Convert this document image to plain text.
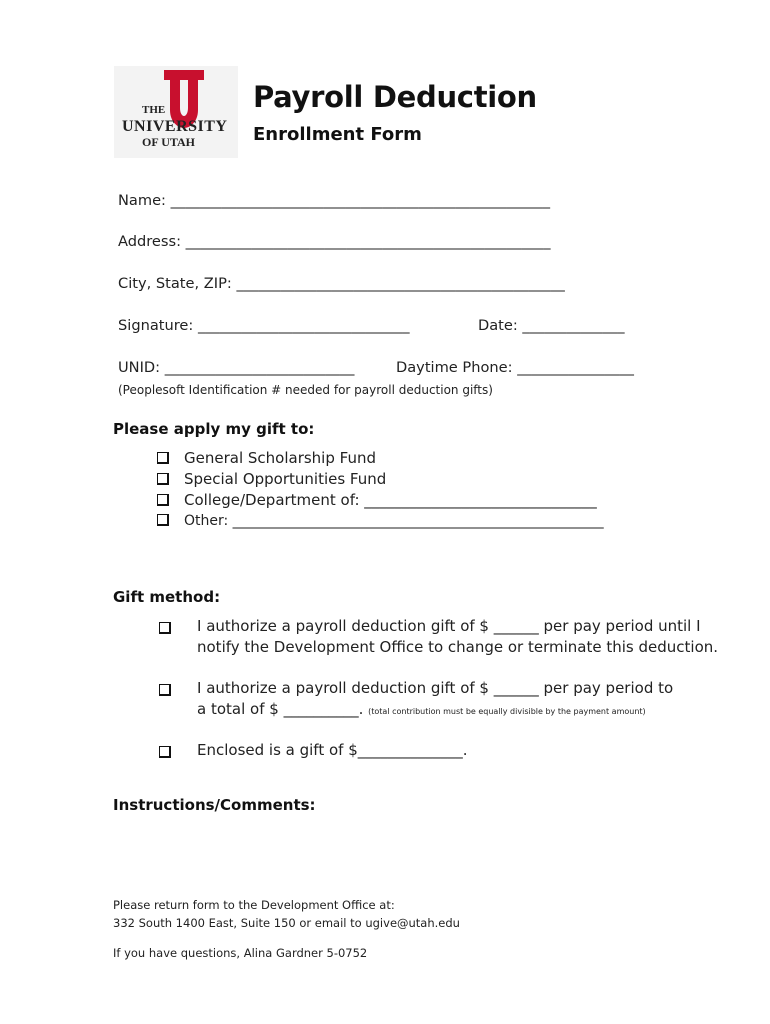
THE
UNIVERSITY
OF UTAH
Payroll Deduction
Enrollment Form
Name: ____________________________________________________
Address: __________________________________________________
City, State, ZIP: _____________________________________________
Signature: _____________________________	Date: ______________
UNID: __________________________	Daytime Phone: ________________
(Peoplesoft Identification # needed for payroll deduction gifts)
Please apply my gift to:
General Scholarship Fund
Special Opportunities Fund
College/Department of: _______________________________
Other: _____________________________________________________
Gift method:
I authorize a payroll deduction gift of $ ______ per pay period until I
notify the Development Office to change or terminate this deduction.
I authorize a payroll deduction gift of $ ______ per pay period to
a total of $ __________. (total contribution must be equally divisible by the payment amount)
Enclosed is a gift of $______________.
Instructions/Comments:
Please return form to the Development Office at:
332 South 1400 East, Suite 150 or email to ugive@utah.edu
If you have questions, Alina Gardner 5-0752
